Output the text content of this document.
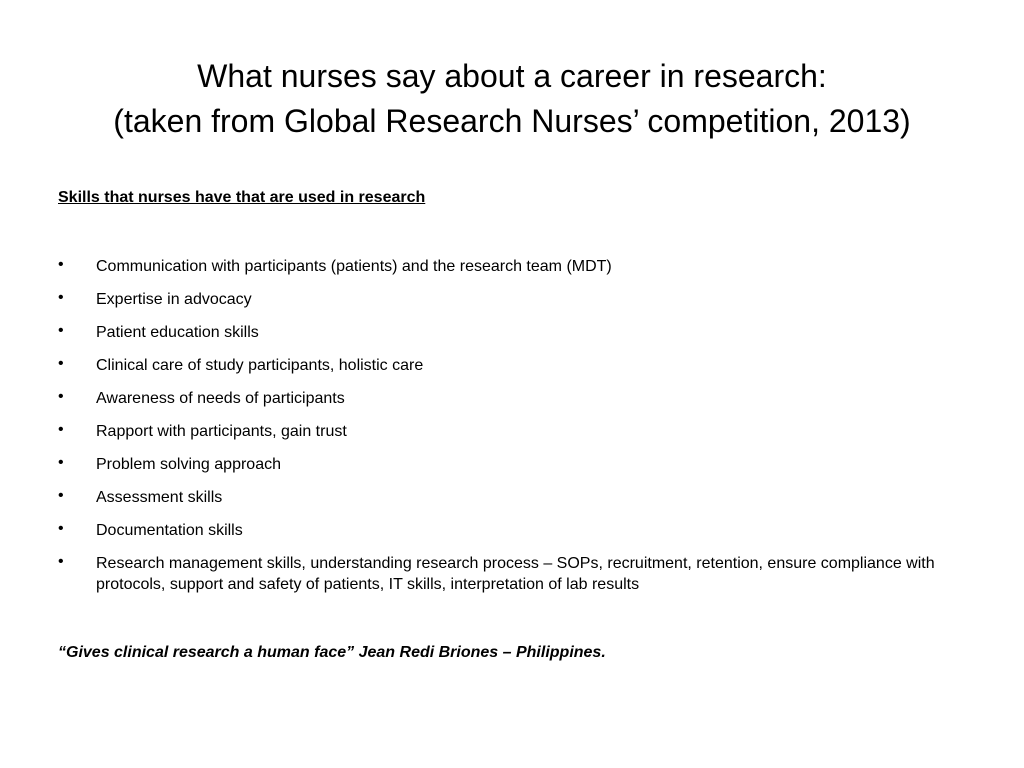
What nurses say about a career in research:
(taken from Global Research Nurses’ competition, 2013)
Skills that nurses have that are used in research
• Communication with participants (patients) and the research team (MDT)
• Expertise in advocacy
• Patient education skills
• Clinical care of study participants, holistic care
• Awareness of needs of participants
• Rapport with participants, gain trust
• Problem solving approach
• Assessment skills
• Documentation skills
• Research management skills, understanding research process – SOPs, recruitment, retention, ensure compliance with protocols, support and safety of patients, IT skills, interpretation of lab results
“Gives clinical research a human face” Jean Redi Briones – Philippines.
